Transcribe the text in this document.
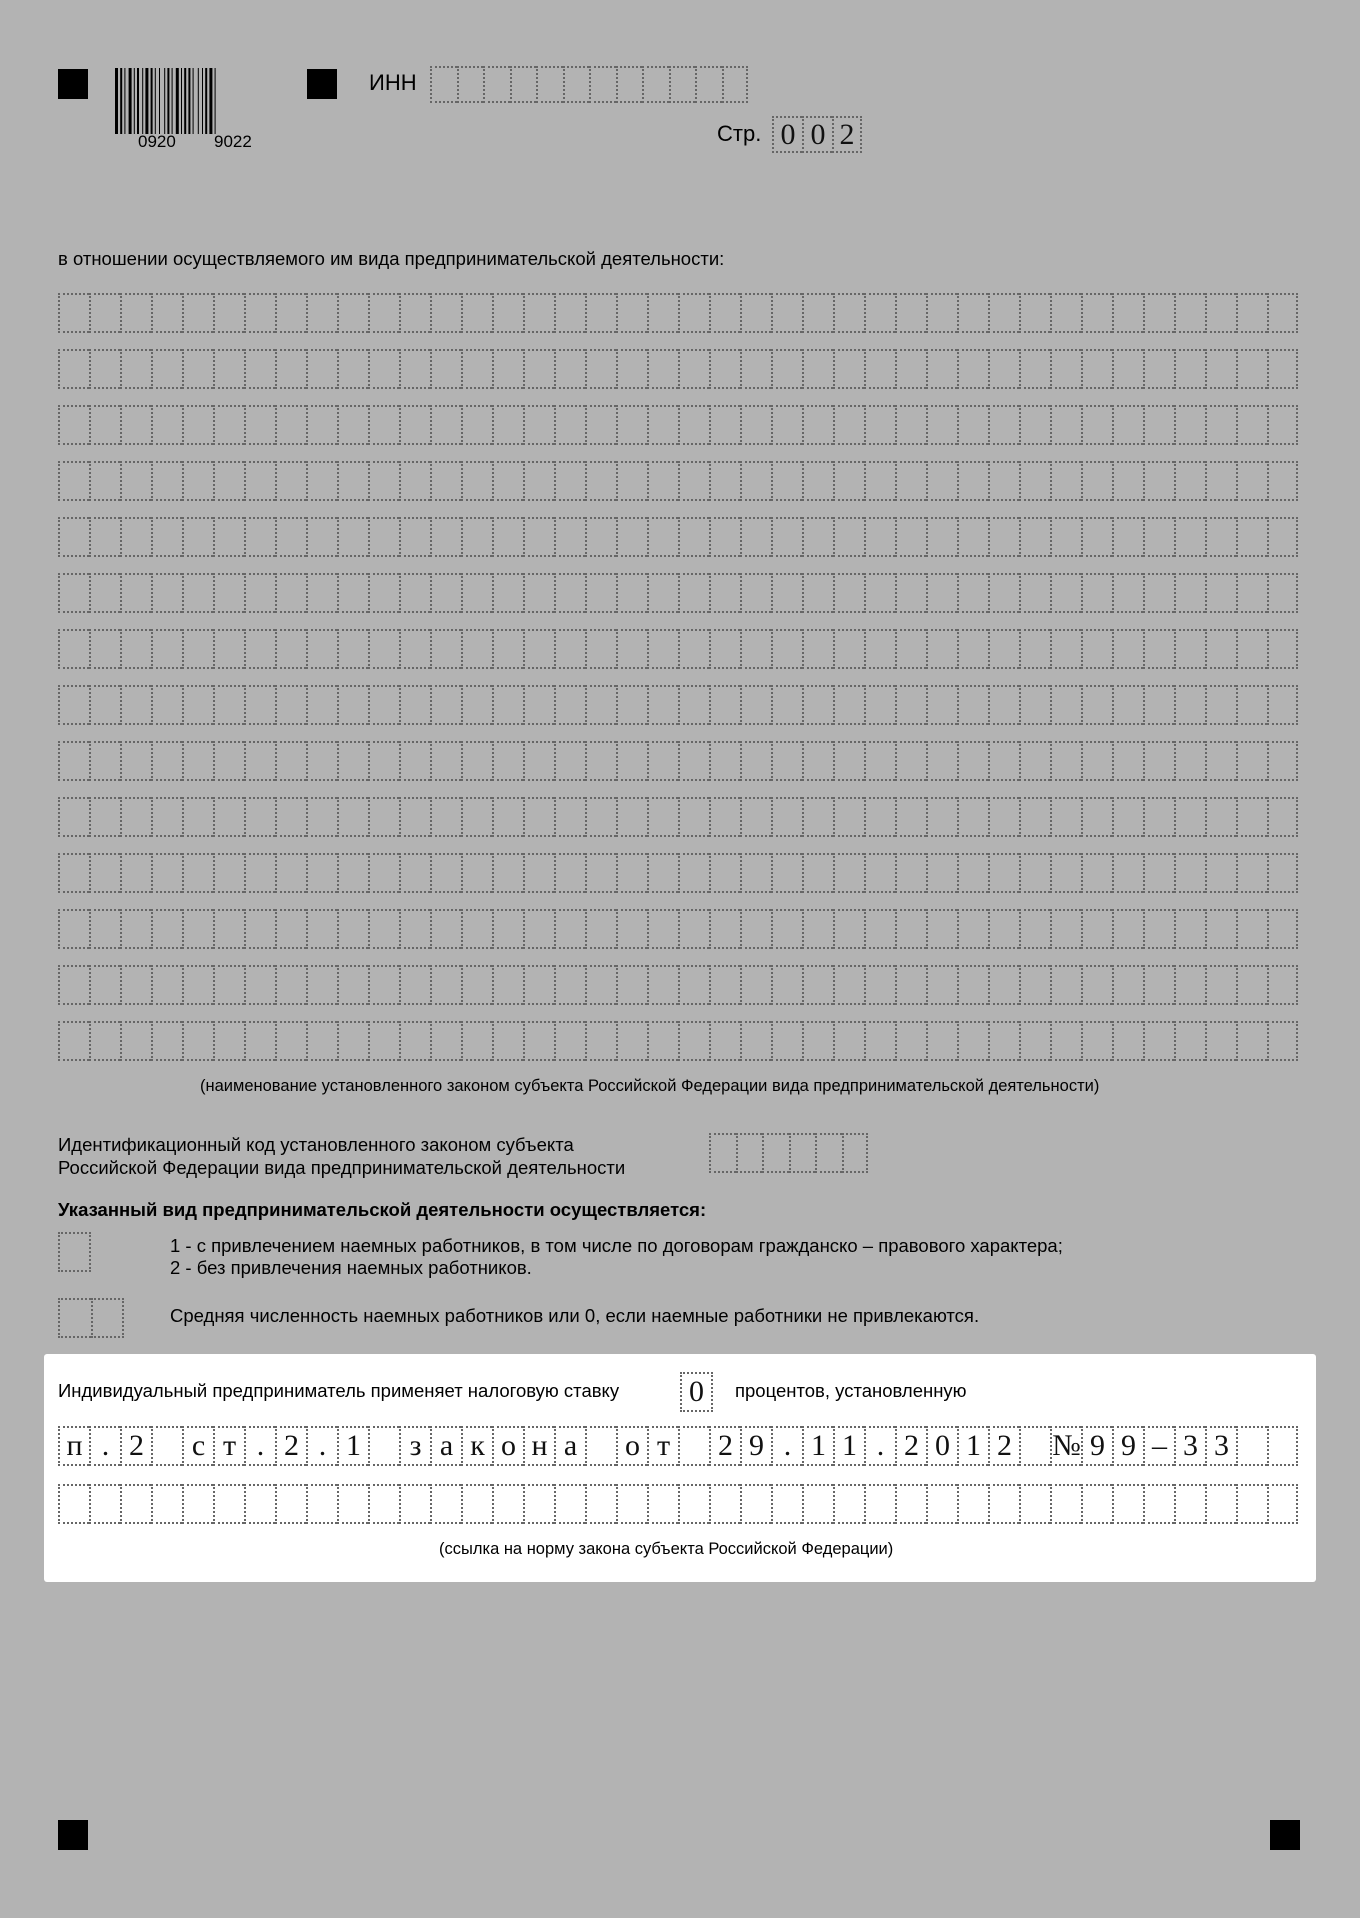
0920 9022
ИНН
Стр. 0 0 2
в отношении осуществляемого им вида предпринимательской деятельности:
(наименование установленного законом субъекта Российской Федерации вида предпринимательской деятельности)
Идентификационный код установленного законом субъекта
Российской Федерации вида предпринимательской деятельности
Указанный вид предпринимательской деятельности осуществляется:
1 - с привлечением наемных работников, в том числе по договорам гражданско – правового характера;
2 - без привлечения наемных работников.
Средняя численность наемных работников или 0, если наемные работники не привлекаются.
Индивидуальный предприниматель применяет налоговую ставку	0	процентов, установленную
п . 2	с т . 2 . 1	з а к о н а	о т	2 9 . 1 1 . 2 0 1 2 № 9 9 – 3 3
(ссылка на норму закона субъекта Российской Федерации)
